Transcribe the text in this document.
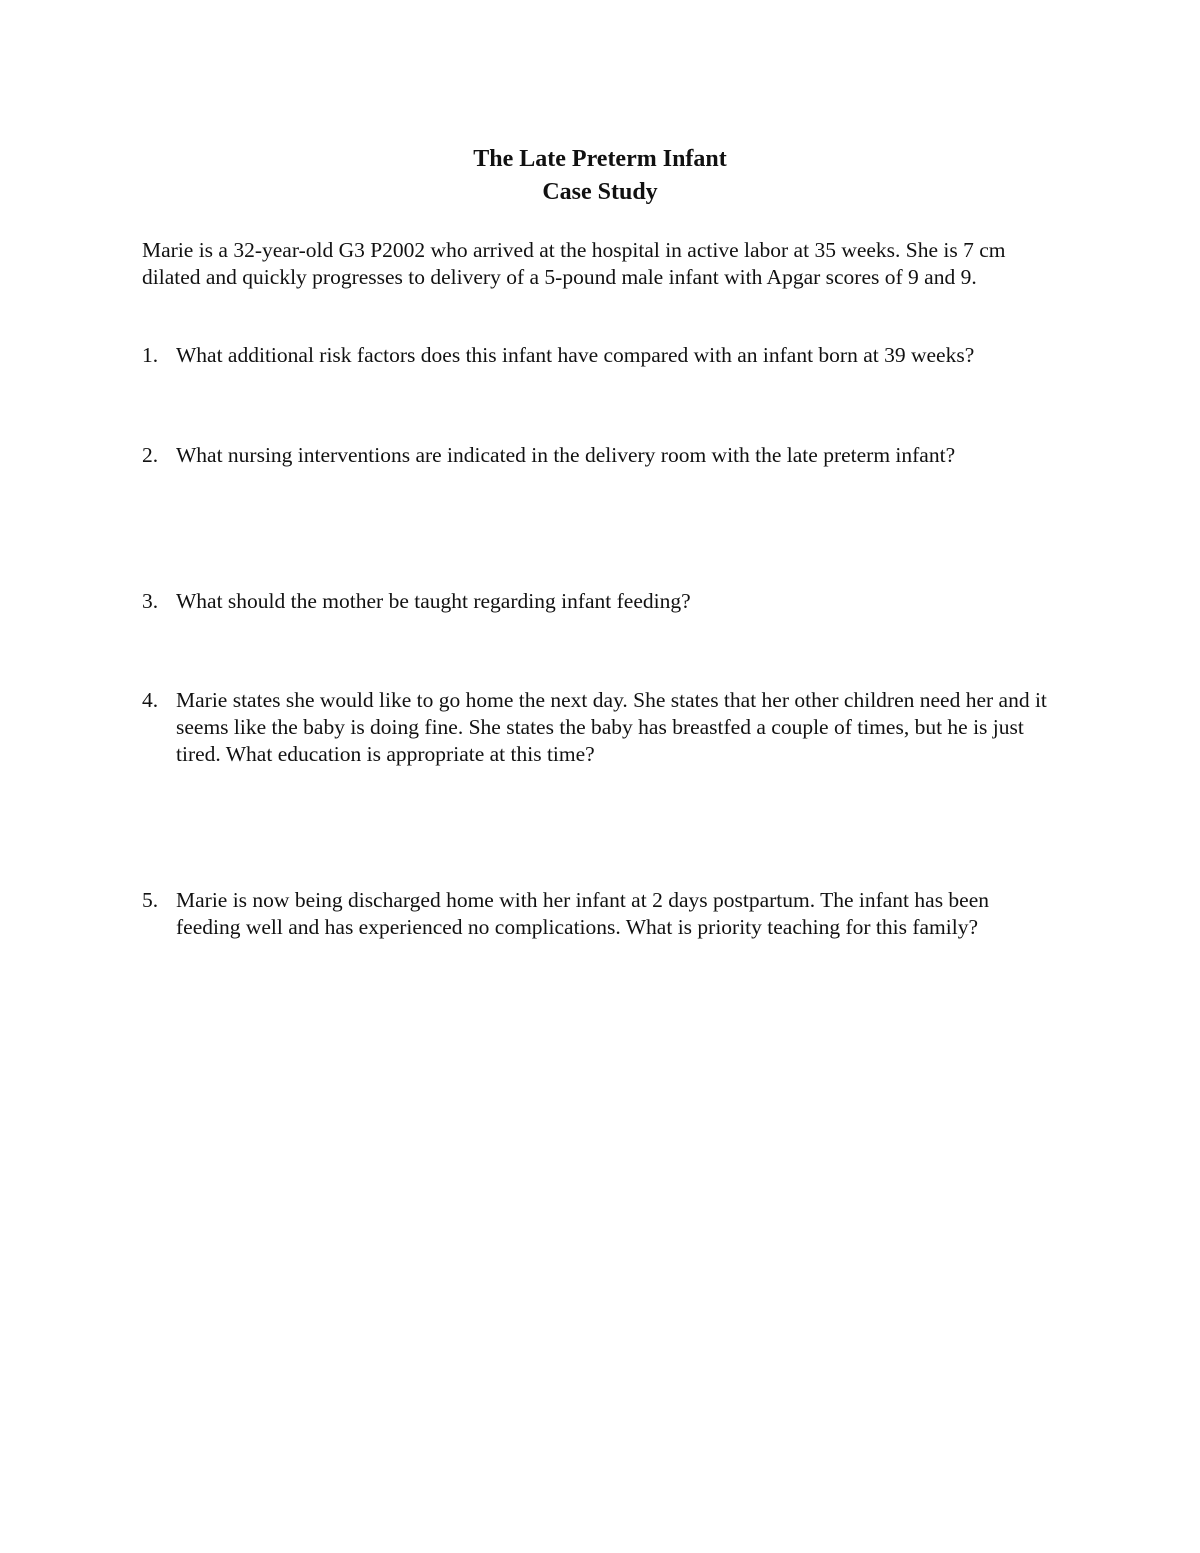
The Late Preterm Infant

Case Study

Marie is a 32-year-old G3 P2002 who arrived at the hospital in active labor at 35 weeks. She is 7 cm dilated and quickly progresses to delivery of a 5-pound male infant with Apgar scores of 9 and 9.

1. What additional risk factors does this infant have compared with an infant born at 39 weeks?
2. What nursing interventions are indicated in the delivery room with the late preterm infant?
3. What should the mother be taught regarding infant feeding?
4. Marie states she would like to go home the next day. She states that her other children need her and it seems like the baby is doing fine. She states the baby has breastfed a couple of times, but he is just tired. What education is appropriate at this time?
5. Marie is now being discharged home with her infant at 2 days postpartum. The infant has been feeding well and has experienced no complications. What is priority teaching for this family?
